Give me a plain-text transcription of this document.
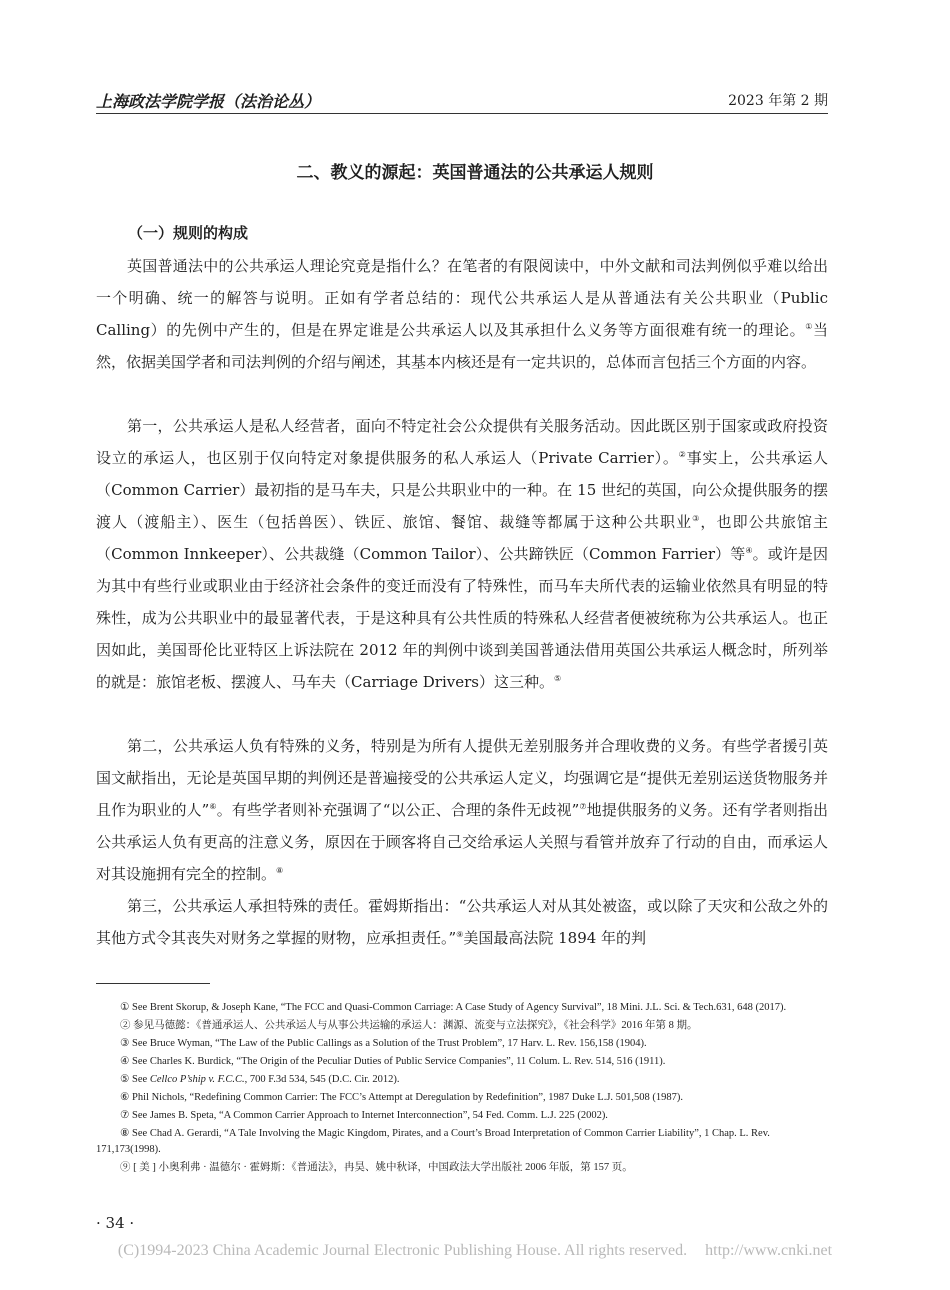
上海政法学院学报（法治论丛）	2023 年第 2 期
二、教义的源起：英国普通法的公共承运人规则
（一）规则的构成

英国普通法中的公共承运人理论究竟是指什么？在笔者的有限阅读中，中外文献和司法判例似乎难以给出一个明确、统一的解答与说明。正如有学者总结的：现代公共承运人是从普通法有关公共职业（Public Calling）的先例中产生的，但是在界定谁是公共承运人以及其承担什么义务等方面很难有统一的理论。①当然，依据美国学者和司法判例的介绍与阐述，其基本内核还是有一定共识的，总体而言包括三个方面的内容。

第一，公共承运人是私人经营者，面向不特定社会公众提供有关服务活动。因此既区别于国家或政府投资设立的承运人，也区别于仅向特定对象提供服务的私人承运人（Private Carrier）。②事实上，公共承运人（Common Carrier）最初指的是马车夫，只是公共职业中的一种。在 15 世纪的英国，向公众提供服务的摆渡人（渡船主）、医生（包括兽医）、铁匠、旅馆、餐馆、裁缝等都属于这种公共职业③，也即公共旅馆主（Common Innkeeper）、公共裁缝（Common Tailor）、公共蹄铁匠（Common Farrier）等④。或许是因为其中有些行业或职业由于经济社会条件的变迁而没有了特殊性，而马车夫所代表的运输业依然具有明显的特殊性，成为公共职业中的最显著代表，于是这种具有公共性质的特殊私人经营者便被统称为公共承运人。也正因如此，美国哥伦比亚特区上诉法院在 2012 年的判例中谈到美国普通法借用英国公共承运人概念时，所列举的就是：旅馆老板、摆渡人、马车夫（Carriage Drivers）这三种。⑤

第二，公共承运人负有特殊的义务，特别是为所有人提供无差别服务并合理收费的义务。有些学者援引英国文献指出，无论是英国早期的判例还是普遍接受的公共承运人定义，均强调它是“提供无差别运送货物服务并且作为职业的人”⑥。有些学者则补充强调了“以公正、合理的条件无歧视”⑦地提供服务的义务。还有学者则指出公共承运人负有更高的注意义务，原因在于顾客将自己交给承运人关照与看管并放弃了行动的自由，而承运人对其设施拥有完全的控制。⑧

第三，公共承运人承担特殊的责任。霍姆斯指出：“公共承运人对从其处被盗，或以除了天灾和公敌之外的其他方式令其丧失对财务之掌握的财物，应承担责任。”⑨美国最高法院 1894 年的判

① See Brent Skorup, & Joseph Kane, “The FCC and Quasi-Common Carriage: A Case Study of Agency Survival”, 18 Mini. J.L. Sci. & Tech.631, 648 (2017).

② 参见马德懿：《普通承运人、公共承运人与从事公共运输的承运人：渊源、流变与立法探究》，《社会科学》2016 年第 8 期。

③ See Bruce Wyman, “The Law of the Public Callings as a Solution of the Trust Problem”, 17 Harv. L. Rev. 156,158 (1904).

④ See Charles K. Burdick, “The Origin of the Peculiar Duties of Public Service Companies”, 11 Colum. L. Rev. 514, 516 (1911).

⑤ See Cellco P’ship v. F.C.C., 700 F.3d 534, 545 (D.C. Cir. 2012).

⑥ Phil Nichols, “Redefining Common Carrier: The FCC’s Attempt at Deregulation by Redefinition”, 1987 Duke L.J. 501,508 (1987).

⑦ See James B. Speta, “A Common Carrier Approach to Internet Interconnection”, 54 Fed. Comm. L.J. 225 (2002).

⑧ See Chad A. Gerardi, “A Tale Involving the Magic Kingdom, Pirates, and a Court’s Broad Interpretation of Common Carrier Liability”, 1 Chap. L. Rev. 171,173(1998).

⑨ [ 美 ] 小奥利弗 · 温德尔 · 霍姆斯：《普通法》，冉昊、姚中秋译，中国政法大学出版社 2006 年版，第 157 页。

· 34 ·
(C)1994-2023 China Academic Journal Electronic Publishing House. All rights reserved. http://www.cnki.net
